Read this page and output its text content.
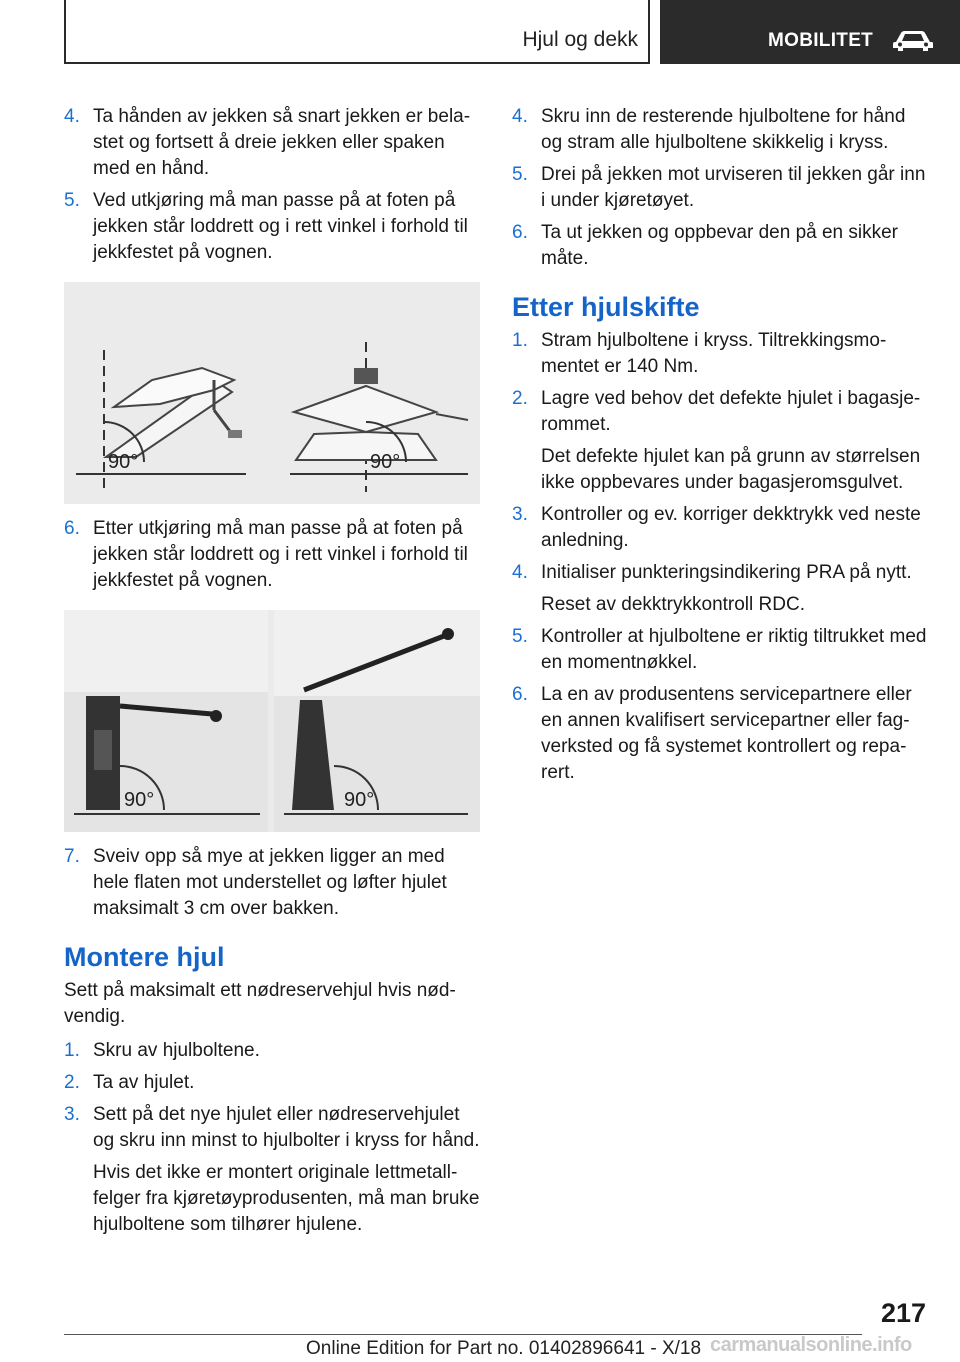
Hjul og dekk	MOBILITET
4. Ta hånden av jekken så snart jekken er belastet og fortsett å dreie jekken eller spaken med en hånd.
5. Ved utkjøring må man passe på at foten på jekken står loddrett og i rett vinkel i forhold til jekkfestet på vognen.
90°	90°
6. Etter utkjøring må man passe på at foten på jekken står loddrett og i rett vinkel i forhold til jekkfestet på vognen.
90°	90°
7. Sveiv opp så mye at jekken ligger an med hele flaten mot understellet og løfter hjulet maksimalt 3 cm over bakken.
Montere hjul
Sett på maksimalt ett nødreservehjul hvis nødvendig.
1. Skru av hjulboltene.
2. Ta av hjulet.
3. Sett på det nye hjulet eller nødreservehjulet og skru inn minst to hjulbolter i kryss for hånd.
Hvis det ikke er montert originale lettmetallfelger fra kjøretøyprodusenten, må man bruke hjulboltene som tilhører hjulene.
4. Skru inn de resterende hjulboltene for hånd og stram alle hjulboltene skikkelig i kryss.
5. Drei på jekken mot urviseren til jekken går inn i under kjøretøyet.
6. Ta ut jekken og oppbevar den på en sikker måte.
Etter hjulskifte
1. Stram hjulboltene i kryss. Tiltrekkingsmomentet er 140 Nm.
2. Lagre ved behov det defekte hjulet i bagasjerommet.
Det defekte hjulet kan på grunn av størrelsen ikke oppbevares under bagasjeromsgulvet.
3. Kontroller og ev. korriger dekktrykk ved neste anledning.
4. Initialiser punkteringsindikering PRA på nytt.
Reset av dekktrykkontroll RDC.
5. Kontroller at hjulboltene er riktig tiltrukket med en momentnøkkel.
6. La en av produsentens servicepartnere eller en annen kvalifisert servicepartner eller fagverksted og få systemet kontrollert og reparert.
217
Online Edition for Part no. 01402896641 - X/18 carmanualsonline.info
